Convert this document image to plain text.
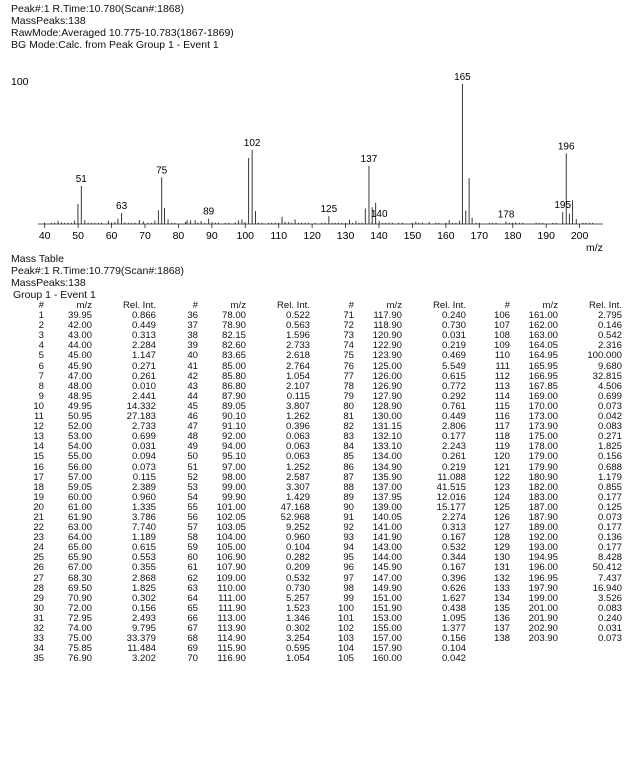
Peak#:1 R.Time:10.780(Scan#:1868)
MassPeaks:138
RawMode:Averaged 10.775-10.783(1867-1869)
BG Mode:Calc. from Peak Group 1 - Event 1
100
40 50 60 70 80 90 100 110 120 130 140 150 160 170 180 190 200
51
63
75
89
102
125
137
140
165
178
195
196
m/z
Mass Table
Peak#:1 R.Time:10.779(Scan#:1868)
MassPeaks:138
Group 1 - Event 1
#	m/z	Rel. Int.
1	39.95	0.866
2	42.00	0.449
3	43.00	0.313
4	44.00	2.284
5	45.00	1.147
6	45.90	0.271
7	47.00	0.261
8	48.00	0.010
9	48.95	2.441
10	49.95	14.332
11	50.95	27.183
12	52.00	2.733
13	53.00	0.699
14	54.00	0.031
15	55.00	0.094
16	56.00	0.073
17	57.00	0.115
18	59.05	2.389
19	60.00	0.960
20	61.00	1.335
21	61.90	3.786
22	63.00	7.740
23	64.00	1.189
24	65.00	0.615
25	65.90	0.553
26	67.00	0.355
27	68.30	2.868
28	69.50	1.825
29	70.90	0.302
30	72.00	0.156
31	72.95	2.493
32	74.00	9.795
33	75.00	33.379
34	75.85	11.484
35	76.90	3.202
#	m/z	Rel. Int.
36	78.00	0.522
37	78.90	0.563
38	82.15	1.596
39	82.60	2.733
40	83.65	2.618
41	85.00	2.764
42	85.80	1.054
43	86.80	2.107
44	87.90	0.115
45	89.05	3.807
46	90.10	1.262
47	91.10	0.396
48	92.00	0.063
49	94.00	0.063
50	95.10	0.063
51	97.00	1.252
52	98.00	2.587
53	99.00	3.307
54	99.90	1.429
55	101.00	47.168
56	102.05	52.968
57	103.05	9.252
58	104.00	0.960
59	105.00	0.104
60	106.90	0.282
61	107.90	0.209
62	109.00	0.532
63	110.00	0.730
64	111.00	5.257
65	111.90	1.523
66	113.00	1.346
67	113.90	0.302
68	114.90	3.254
69	115.90	0.595
70	116.90	1.054
#	m/z	Rel. Int.
71	117.90	0.240
72	118.90	0.730
73	120.90	0.031
74	122.90	0.219
75	123.90	0.469
76	125.00	5.549
77	126.00	0.615
78	126.90	0.772
79	127.90	0.292
80	128.90	0.761
81	130.00	0.449
82	131.15	2.806
83	132.10	0.177
84	133.10	2.243
85	134.00	0.261
86	134.90	0.219
87	135.90	11.088
88	137.00	41.515
89	137.95	12.016
90	139.00	15.177
91	140.05	2.274
92	141.00	0.313
93	141.90	0.167
94	143.00	0.532
95	144.00	0.344
96	145.90	0.167
97	147.00	0.396
98	149.90	0.626
99	151.00	1.627
100	151.90	0.438
101	153.00	1.095
102	155.00	1.377
103	157.00	0.156
104	157.90	0.104
105	160.00	0.042
#	m/z	Rel. Int.
106	161.00	2.795
107	162.00	0.146
108	163.00	0.542
109	164.05	2.316
110	164.95	100.000
111	165.95	9.680
112	166.95	32.815
113	167.85	4.506
114	169.00	0.699
115	170.00	0.073
116	173.00	0.042
117	173.90	0.083
118	175.00	0.271
119	178.00	1.825
120	179.00	0.156
121	179.90	0.688
122	180.90	1.179
123	182.00	0.855
124	183.00	0.177
125	187.00	0.125
126	187.90	0.073
127	189.00	0.177
128	192.00	0.136
129	193.00	0.177
130	194.95	8.428
131	196.00	50.412
132	196.95	7.437
133	197.90	16.940
134	199.00	3.526
135	201.00	0.083
136	201.90	0.240
137	202.90	0.031
138	203.90	0.073
